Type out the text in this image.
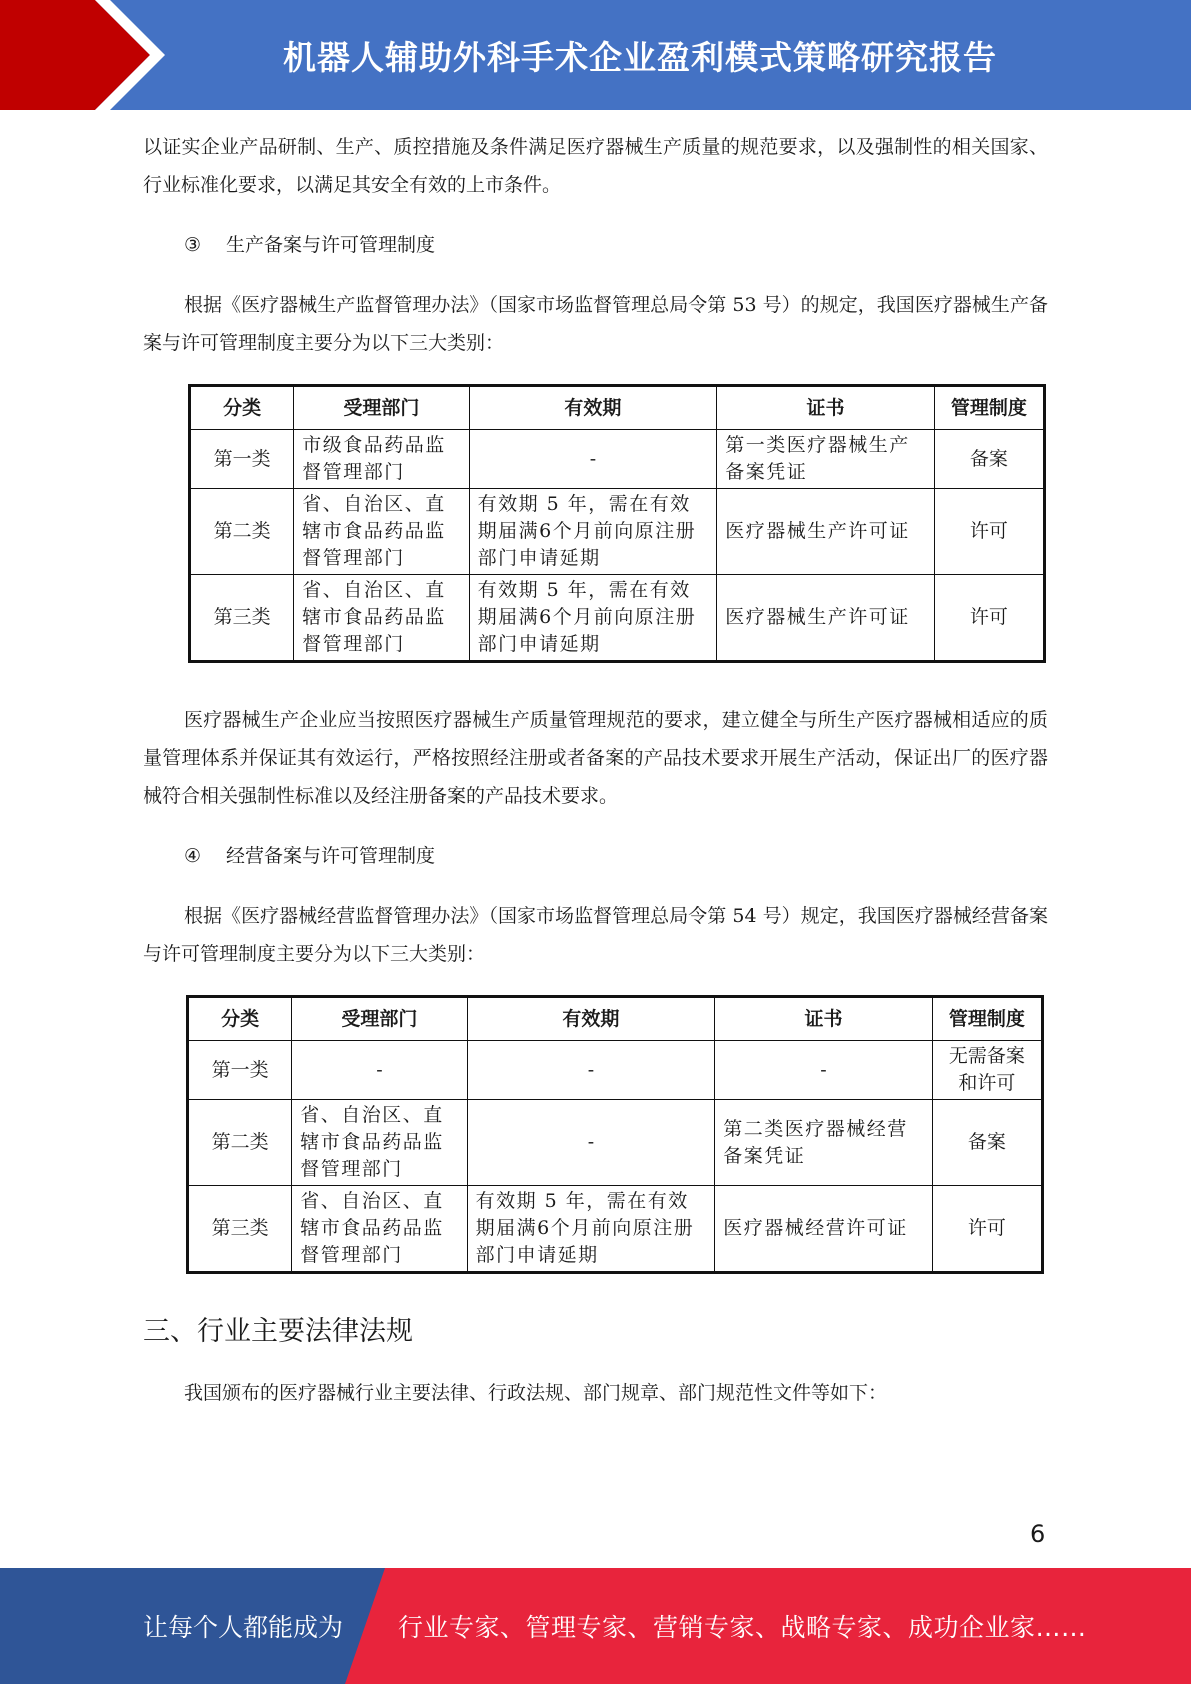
机器人辅助外科手术企业盈利模式策略研究报告

以证实企业产品研制、生产、质控措施及条件满足医疗器械生产质量的规范要求，以及强制性的相关国家、行业标准化要求，以满足其安全有效的上市条件。

③ 生产备案与许可管理制度

根据《医疗器械生产监督管理办法》（国家市场监督管理总局令第 53 号）的规定，我国医疗器械生产备案与许可管理制度主要分为以下三大类别：

分类	受理部门	有效期	证书	管理制度
第一类	市级食品药品监督管理部门	-	第一类医疗器械生产备案凭证	备案
第二类	省、自治区、直辖市食品药品监督管理部门	有效期 5 年，需在有效期届满6个月前向原注册部门申请延期	医疗器械生产许可证	许可
第三类	省、自治区、直辖市食品药品监督管理部门	有效期 5 年，需在有效期届满6个月前向原注册部门申请延期	医疗器械生产许可证	许可

医疗器械生产企业应当按照医疗器械生产质量管理规范的要求，建立健全与所生产医疗器械相适应的质量管理体系并保证其有效运行，严格按照经注册或者备案的产品技术要求开展生产活动，保证出厂的医疗器械符合相关强制性标准以及经注册备案的产品技术要求。

④ 经营备案与许可管理制度

根据《医疗器械经营监督管理办法》（国家市场监督管理总局令第 54 号）规定，我国医疗器械经营备案与许可管理制度主要分为以下三大类别：

分类	受理部门	有效期	证书	管理制度
第一类	-	-	-	无需备案和许可
第二类	省、自治区、直辖市食品药品监督管理部门	-	第二类医疗器械经营备案凭证	备案
第三类	省、自治区、直辖市食品药品监督管理部门	有效期 5 年，需在有效期届满6个月前向原注册部门申请延期	医疗器械经营许可证	许可
三、行业主要法律法规

我国颁布的医疗器械行业主要法律、行政法规、部门规章、部门规范性文件等如下：

6
让每个人都能成为 行业专家、管理专家、营销专家、战略专家、成功企业家……
